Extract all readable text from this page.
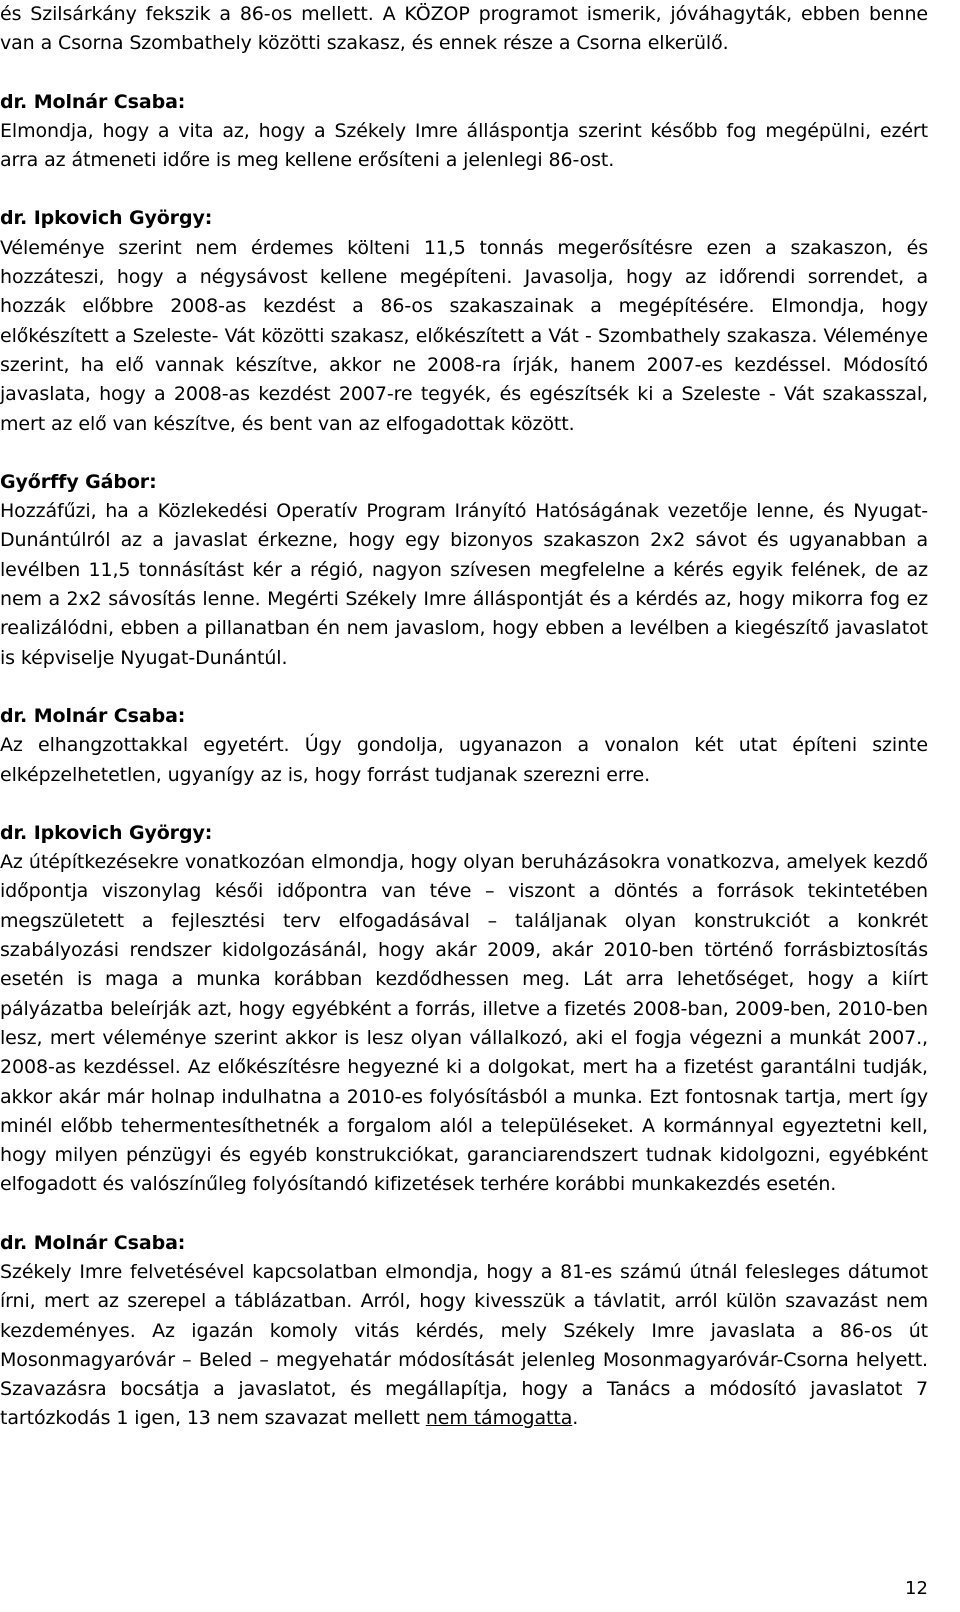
és Szilsárkány fekszik a 86-os mellett. A KÖZOP programot ismerik, jóváhagyták, ebben benne van a Csorna Szombathely közötti szakasz, és ennek része a Csorna elkerülő.

dr. Molnár Csaba:

Elmondja, hogy a vita az, hogy a Székely Imre álláspontja szerint később fog megépülni, ezért arra az átmeneti időre is meg kellene erősíteni a jelenlegi 86-ost.

dr. Ipkovich György:

Véleménye szerint nem érdemes költeni 11,5 tonnás megerősítésre ezen a szakaszon, és hozzáteszi, hogy a négysávost kellene megépíteni. Javasolja, hogy az időrendi sorrendet, a hozzák előbbre 2008-as kezdést a 86-os szakaszainak a megépítésére. Elmondja, hogy előkészített a Szeleste- Vát közötti szakasz, előkészített a Vát - Szombathely szakasza. Véleménye szerint, ha elő vannak készítve, akkor ne 2008-ra írják, hanem 2007-es kezdéssel. Módosító javaslata, hogy a 2008-as kezdést 2007-re tegyék, és egészítsék ki a Szeleste - Vát szakasszal, mert az elő van készítve, és bent van az elfogadottak között.

Győrffy Gábor:

Hozzáfűzi, ha a Közlekedési Operatív Program Irányító Hatóságának vezetője lenne, és Nyugat-Dunántúlról az a javaslat érkezne, hogy egy bizonyos szakaszon 2x2 sávot és ugyanabban a levélben 11,5 tonnásítást kér a régió, nagyon szívesen megfelelne a kérés egyik felének, de az nem a 2x2 sávosítás lenne. Megérti Székely Imre álláspontját és a kérdés az, hogy mikorra fog ez realizálódni, ebben a pillanatban én nem javaslom, hogy ebben a levélben a kiegészítő javaslatot is képviselje Nyugat-Dunántúl.

dr. Molnár Csaba:

Az elhangzottakkal egyetért. Úgy gondolja, ugyanazon a vonalon két utat építeni szinte elképzelhetetlen, ugyanígy az is, hogy forrást tudjanak szerezni erre.

dr. Ipkovich György:

Az útépítkezésekre vonatkozóan elmondja, hogy olyan beruházásokra vonatkozva, amelyek kezdő időpontja viszonylag késői időpontra van téve – viszont a döntés a források tekintetében megszületett a fejlesztési terv elfogadásával – találjanak olyan konstrukciót a konkrét szabályozási rendszer kidolgozásánál, hogy akár 2009, akár 2010-ben történő forrásbiztosítás esetén is maga a munka korábban kezdődhessen meg. Lát arra lehetőséget, hogy a kiírt pályázatba beleírják azt, hogy egyébként a forrás, illetve a fizetés 2008-ban, 2009-ben, 2010-ben lesz, mert véleménye szerint akkor is lesz olyan vállalkozó, aki el fogja végezni a munkát 2007., 2008-as kezdéssel. Az előkészítésre hegyezné ki a dolgokat, mert ha a fizetést garantálni tudják, akkor akár már holnap indulhatna a 2010-es folyósításból a munka. Ezt fontosnak tartja, mert így minél előbb tehermentesíthetnék a forgalom alól a településeket. A kormánnyal egyeztetni kell, hogy milyen pénzügyi és egyéb konstrukciókat, garanciarendszert tudnak kidolgozni, egyébként elfogadott és valószínűleg folyósítandó kifizetések terhére korábbi munkakezdés esetén.

dr. Molnár Csaba:

Székely Imre felvetésével kapcsolatban elmondja, hogy a 81-es számú útnál felesleges dátumot írni, mert az szerepel a táblázatban. Arról, hogy kivesszük a távlatit, arról külön szavazást nem kezdeményes. Az igazán komoly vitás kérdés, mely Székely Imre javaslata a 86-os út Mosonmagyaróvár – Beled – megyehatár módosítását jelenleg Mosonmagyaróvár-Csorna helyett. Szavazásra bocsátja a javaslatot, és megállapítja, hogy a Tanács a módosító javaslatot 7 tartózkodás 1 igen, 13 nem szavazat mellett nem támogatta.

12
